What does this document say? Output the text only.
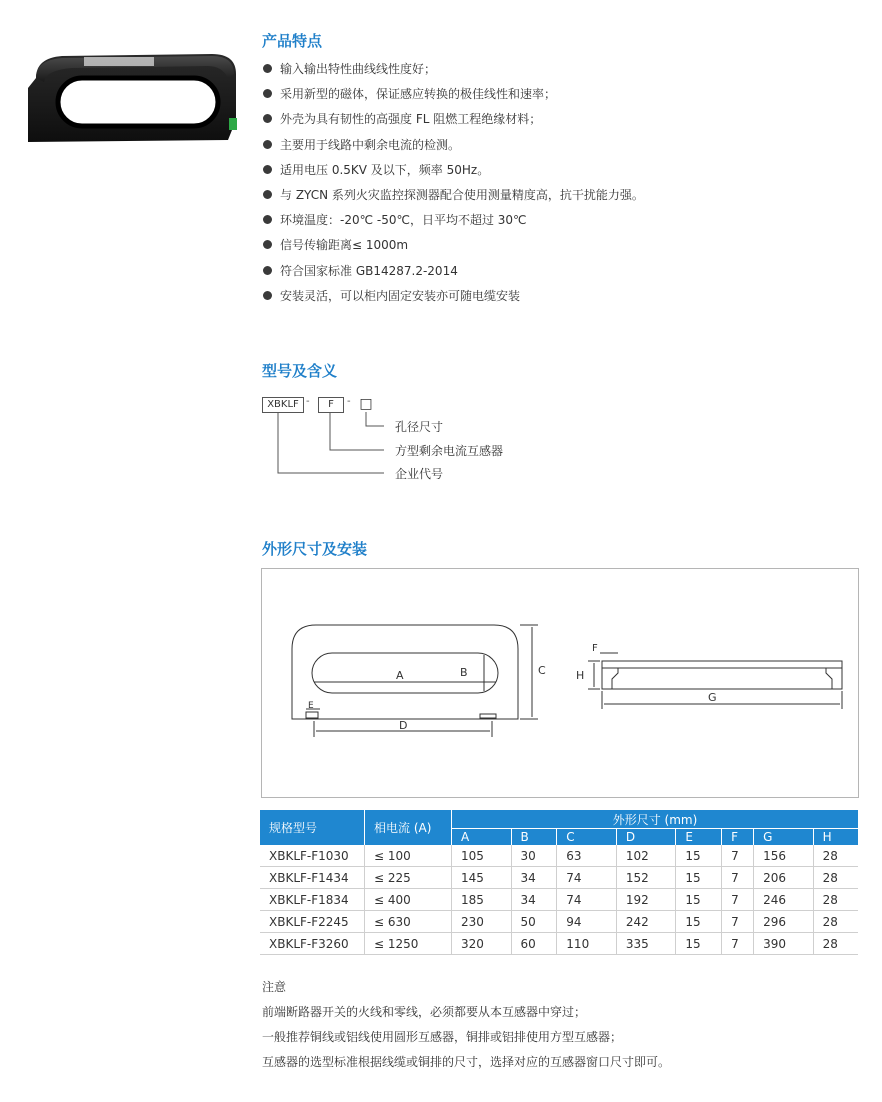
产品特点
输入输出特性曲线线性度好；
采用新型的磁体，保证感应转换的极佳线性和速率；
外壳为具有韧性的高强度 FL 阻燃工程绝缘材料；
主要用于线路中剩余电流的检测。
适用电压 0.5KV 及以下，频率 50Hz。
与 ZYCN 系列火灾监控探测器配合使用测量精度高，抗干扰能力强。
环境温度：-20℃ -50℃，日平均不超过 30℃
信号传输距离≤ 1000m
符合国家标准 GB14287.2-2014
安装灵活，可以柜内固定安装亦可随电缆安装
型号及含义
XBKLF -	F	- □
孔径尺寸
方型剩余电流互感器
企业代号
外形尺寸及安装
A	B	C
D
E
F
H
G
规格型号	相电流 (A)	外形尺寸 (mm)							
		A	B	C	D	E	F	G	H
XBKLF-F1030	≤ 100	105	30	63	102	15	7	156	28
XBKLF-F1434	≤ 225	145	34	74	152	15	7	206	28
XBKLF-F1834	≤ 400	185	34	74	192	15	7	246	28
XBKLF-F2245	≤ 630	230	50	94	242	15	7	296	28
XBKLF-F3260	≤ 1250	320	60	110	335	15	7	390	28
注意
前端断路器开关的火线和零线，必须都要从本互感器中穿过；
一般推荐铜线或铝线使用圆形互感器，铜排或铝排使用方型互感器；
互感器的选型标准根据线缆或铜排的尺寸，选择对应的互感器窗口尺寸即可。
